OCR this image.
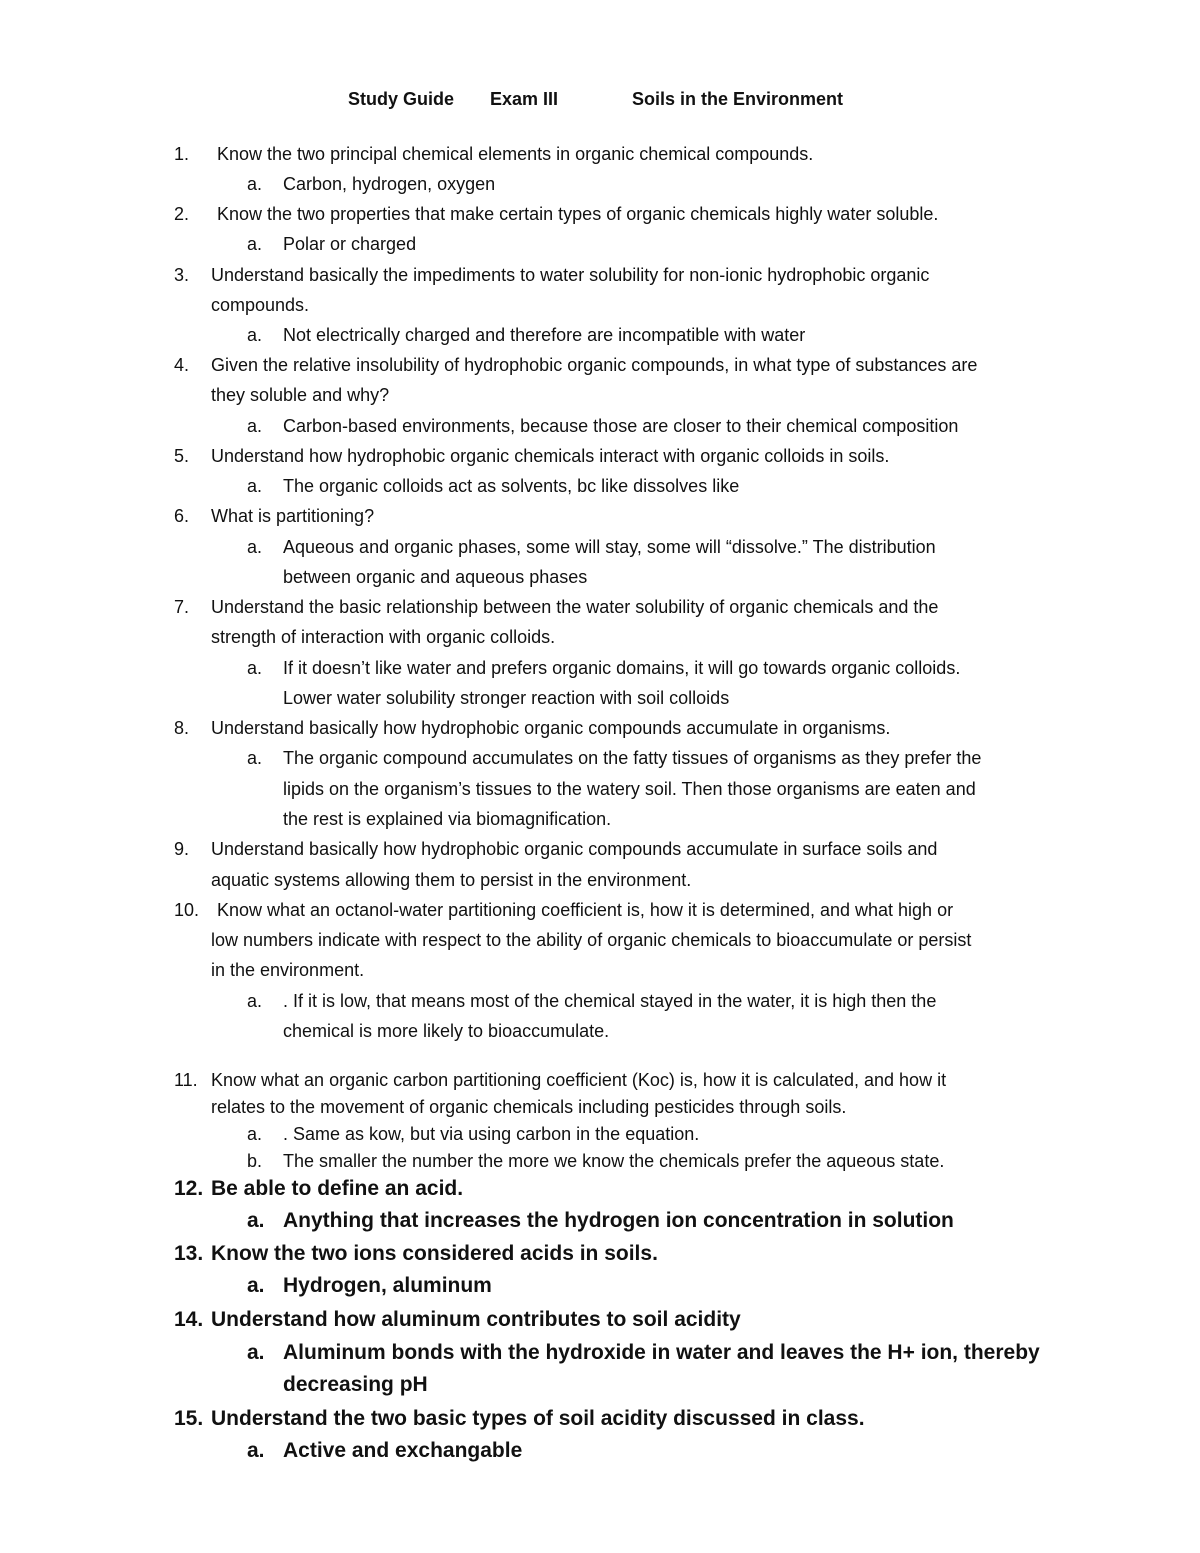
Study Guide Exam III	Soils in the Environment
1. Know the two principal chemical elements in organic chemical compounds.
a. Carbon, hydrogen, oxygen
2. Know the two properties that make certain types of organic chemicals highly water soluble.
a. Polar or charged
3. Understand basically the impediments to water solubility for non-ionic hydrophobic organic
compounds.
a. Not electrically charged and therefore are incompatible with water
4. Given the relative insolubility of hydrophobic organic compounds, in what type of substances are
they soluble and why?
a. Carbon-based environments, because those are closer to their chemical composition
5. Understand how hydrophobic organic chemicals interact with organic colloids in soils.
a. The organic colloids act as solvents, bc like dissolves like
6. What is partitioning?
a. Aqueous and organic phases, some will stay, some will “dissolve.” The distribution
between organic and aqueous phases
7. Understand the basic relationship between the water solubility of organic chemicals and the
strength of interaction with organic colloids.
a. If it doesn’t like water and prefers organic domains, it will go towards organic colloids.
Lower water solubility stronger reaction with soil colloids
8. Understand basically how hydrophobic organic compounds accumulate in organisms.
a. The organic compound accumulates on the fatty tissues of organisms as they prefer the
lipids on the organism’s tissues to the watery soil. Then those organisms are eaten and
the rest is explained via biomagnification.
9. Understand basically how hydrophobic organic compounds accumulate in surface soils and
aquatic systems allowing them to persist in the environment.
10. Know what an octanol-water partitioning coefficient is, how it is determined, and what high or
low numbers indicate with respect to the ability of organic chemicals to bioaccumulate or persist
in the environment.
a. . If it is low, that means most of the chemical stayed in the water, it is high then the
chemical is more likely to bioaccumulate.
11. Know what an organic carbon partitioning coefficient (Koc) is, how it is calculated, and how it
relates to the movement of organic chemicals including pesticides through soils.
a. . Same as kow, but via using carbon in the equation.
b. The smaller the number the more we know the chemicals prefer the aqueous state.
12. Be able to define an acid.
a. Anything that increases the hydrogen ion concentration in solution
13. Know the two ions considered acids in soils.
a. Hydrogen, aluminum
14. Understand how aluminum contributes to soil acidity
a. Aluminum bonds with the hydroxide in water and leaves the H+ ion, thereby
decreasing pH
15. Understand the two basic types of soil acidity discussed in class.
a. Active and exchangable
